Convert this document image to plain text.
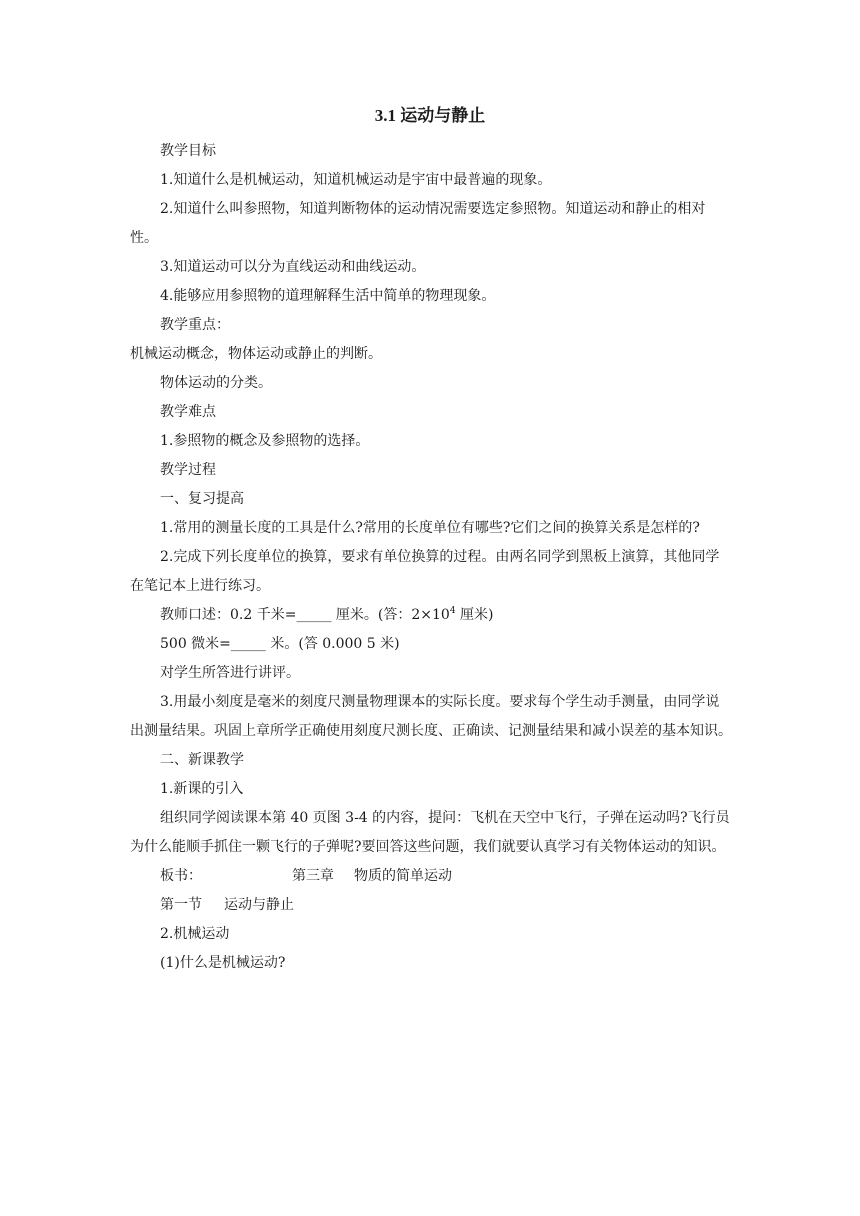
3.1 运动与静止

教学目标

1.知道什么是机械运动，知道机械运动是宇宙中最普遍的现象。

2.知道什么叫参照物，知道判断物体的运动情况需要选定参照物。知道运动和静止的相对性。

3.知道运动可以分为直线运动和曲线运动。

4.能够应用参照物的道理解释生活中简单的物理现象。

教学重点：

机械运动概念，物体运动或静止的判断。

物体运动的分类。

教学难点

1.参照物的概念及参照物的选择。

教学过程

一、复习提高

1.常用的测量长度的工具是什么?常用的长度单位有哪些?它们之间的换算关系是怎样的?

2.完成下列长度单位的换算，要求有单位换算的过程。由两名同学到黑板上演算，其他同学在笔记本上进行练习。

教师口述：0.2 千米=_____ 厘米。(答：$2\times 10^4$ 厘米)

500 微米=_____ 米。(答 0.000 5 米)

对学生所答进行讲评。

3.用最小刻度是毫米的刻度尺测量物理课本的实际长度。要求每个学生动手测量，由同学说出测量结果。巩固上章所学正确使用刻度尺测长度、正确读、记测量结果和减小误差的基本知识。

二、新课教学

1.新课的引入

组织同学阅读课本第 40 页图 3-4 的内容，提问：飞机在天空中飞行，子弹在运动吗?飞行员为什么能顺手抓住一颗飞行的子弹呢?要回答这些问题，我们就要认真学习有关物体运动的知识。

板书：	第三章 物质的简单运动

第一节 运动与静止

2.机械运动

(1)什么是机械运动?
